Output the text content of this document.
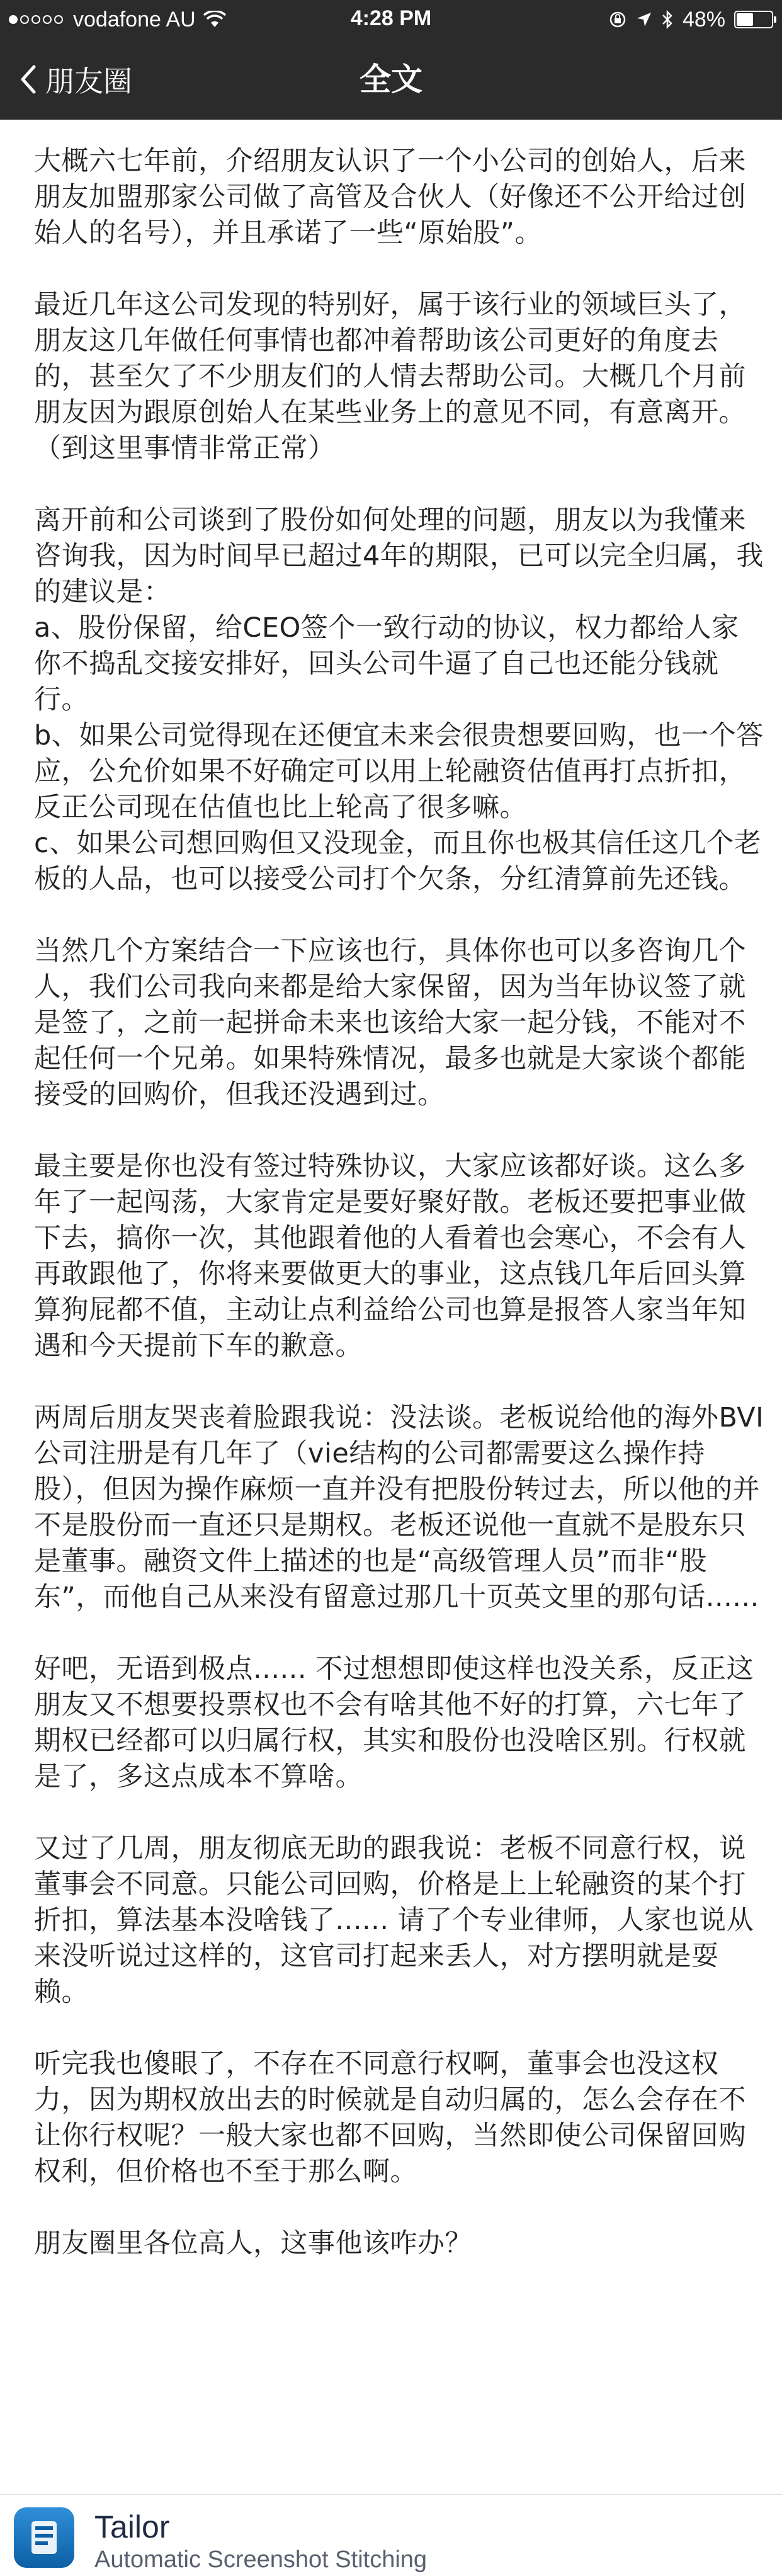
vodafone AU	4:28 PM	48%
朋友圈	全文

大概六七年前，介绍朋友认识了一个小公司的创始人，后来朋友加盟那家公司做了高管及合伙人（好像还不公开给过创始人的名号），并且承诺了一些“原始股”。

最近几年这公司发现的特别好，属于该行业的领域巨头了，朋友这几年做任何事情也都冲着帮助该公司更好的角度去的，甚至欠了不少朋友们的人情去帮助公司。大概几个月前朋友因为跟原创始人在某些业务上的意见不同，有意离开。（到这里事情非常正常）

离开前和公司谈到了股份如何处理的问题，朋友以为我懂来咨询我，因为时间早已超过4年的期限，已可以完全归属，我的建议是：
a、股份保留，给CEO签个一致行动的协议，权力都给人家你不捣乱交接安排好，回头公司牛逼了自己也还能分钱就行。
b、如果公司觉得现在还便宜未来会很贵想要回购，也一个答应，公允价如果不好确定可以用上轮融资估值再打点折扣，反正公司现在估值也比上轮高了很多嘛。
c、如果公司想回购但又没现金，而且你也极其信任这几个老板的人品，也可以接受公司打个欠条，分红清算前先还钱。

当然几个方案结合一下应该也行，具体你也可以多咨询几个人，我们公司我向来都是给大家保留，因为当年协议签了就是签了，之前一起拼命未来也该给大家一起分钱，不能对不起任何一个兄弟。如果特殊情况，最多也就是大家谈个都能接受的回购价，但我还没遇到过。

最主要是你也没有签过特殊协议，大家应该都好谈。这么多年了一起闯荡，大家肯定是要好聚好散。老板还要把事业做下去，搞你一次，其他跟着他的人看着也会寒心，不会有人再敢跟他了，你将来要做更大的事业，这点钱几年后回头算算狗屁都不值，主动让点利益给公司也算是报答人家当年知遇和今天提前下车的歉意。

两周后朋友哭丧着脸跟我说：没法谈。老板说给他的海外BVI公司注册是有几年了（vie结构的公司都需要这么操作持股），但因为操作麻烦一直并没有把股份转过去，所以他的并不是股份而一直还只是期权。老板还说他一直就不是股东只是董事。融资文件上描述的也是“高级管理人员”而非“股东”，而他自己从来没有留意过那几十页英文里的那句话......

好吧，无语到极点...... 不过想想即使这样也没关系，反正这朋友又不想要投票权也不会有啥其他不好的打算，六七年了期权已经都可以归属行权，其实和股份也没啥区别。行权就是了，多这点成本不算啥。

又过了几周，朋友彻底无助的跟我说：老板不同意行权，说董事会不同意。只能公司回购，价格是上上轮融资的某个打折扣，算法基本没啥钱了...... 请了个专业律师，人家也说从来没听说过这样的，这官司打起来丢人，对方摆明就是耍赖。

听完我也傻眼了，不存在不同意行权啊，董事会也没这权力，因为期权放出去的时候就是自动归属的，怎么会存在不让你行权呢？一般大家也都不回购，当然即使公司保留回购权利，但价格也不至于那么啊。

朋友圈里各位高人，这事他该咋办？

Tailor
Automatic Screenshot Stitching
